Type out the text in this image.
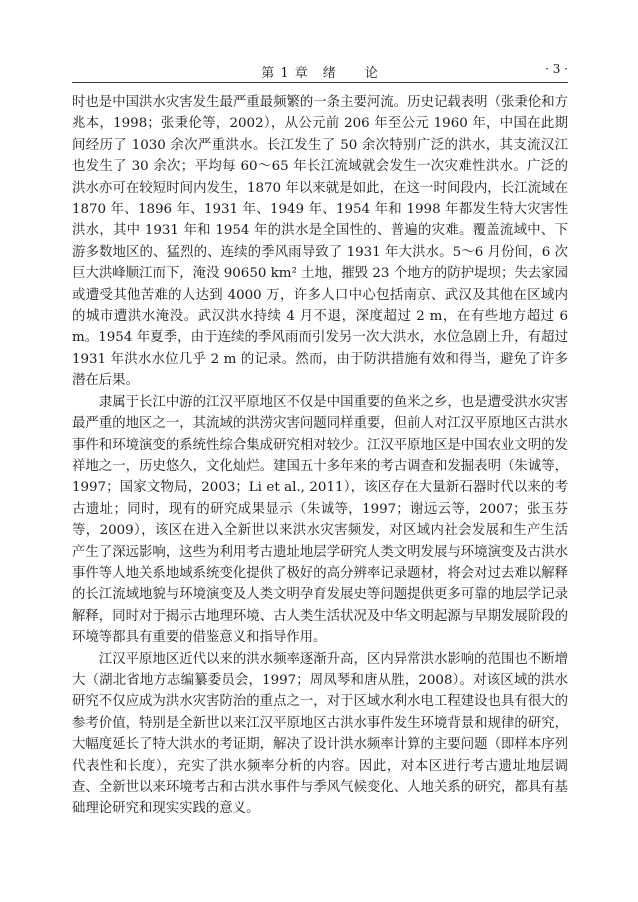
第 1 章　绪　　论	· 3 ·

时也是中国洪水灾害发生最严重最频繁的一条主要河流。历史记载表明（张秉伦和方兆本，1998；张秉伦等，2002），从公元前 206 年至公元 1960 年，中国在此期间经历了 1030 余次严重洪水。长江发生了 50 余次特别广泛的洪水，其支流汉江也发生了 30 余次；平均每 60～65 年长江流域就会发生一次灾难性洪水。广泛的洪水亦可在较短时间内发生，1870 年以来就是如此，在这一时间段内，长江流域在 1870 年、1896 年、1931 年、1949 年、1954 年和 1998 年都发生特大灾害性洪水，其中 1931 年和 1954 年的洪水是全国性的、普遍的灾难。覆盖流域中、下游多数地区的、猛烈的、连续的季风雨导致了 1931 年大洪水。5～6 月份间，6 次巨大洪峰顺江而下，淹没 90650 km² 土地，摧毁 23 个地方的防护堤坝；失去家园或遭受其他苦难的人达到 4000 万，许多人口中心包括南京、武汉及其他在区域内的城市遭洪水淹没。武汉洪水持续 4 月不退，深度超过 2 m，在有些地方超过 6 m。1954 年夏季，由于连续的季风雨而引发另一次大洪水，水位急剧上升，有超过 1931 年洪水水位几乎 2 m 的记录。然而，由于防洪措施有效和得当，避免了许多潜在后果。

隶属于长江中游的江汉平原地区不仅是中国重要的鱼米之乡，也是遭受洪水灾害最严重的地区之一，其流域的洪涝灾害问题同样重要，但前人对江汉平原地区古洪水事件和环境演变的系统性综合集成研究相对较少。江汉平原地区是中国农业文明的发祥地之一，历史悠久，文化灿烂。建国五十多年来的考古调查和发掘表明（朱诚等，1997；国家文物局，2003；Li et al., 2011），该区存在大量新石器时代以来的考古遗址；同时，现有的研究成果显示（朱诚等，1997；谢远云等，2007；张玉芬等，2009），该区在进入全新世以来洪水灾害频发，对区域内社会发展和生产生活产生了深远影响，这些为利用考古遗址地层学研究人类文明发展与环境演变及古洪水事件等人地关系地域系统变化提供了极好的高分辨率记录题材，将会对过去难以解释的长江流域地貌与环境演变及人类文明孕育发展史等问题提供更多可靠的地层学记录解释，同时对于揭示古地理环境、古人类生活状况及中华文明起源与早期发展阶段的环境等都具有重要的借鉴意义和指导作用。

江汉平原地区近代以来的洪水频率逐渐升高，区内异常洪水影响的范围也不断增大（湖北省地方志编纂委员会，1997；周凤琴和唐从胜，2008）。对该区域的洪水研究不仅应成为洪水灾害防治的重点之一，对于区域水利水电工程建设也具有很大的参考价值，特别是全新世以来江汉平原地区古洪水事件发生环境背景和规律的研究，大幅度延长了特大洪水的考证期，解决了设计洪水频率计算的主要问题（即样本序列代表性和长度），充实了洪水频率分析的内容。因此，对本区进行考古遗址地层调查、全新世以来环境考古和古洪水事件与季风气候变化、人地关系的研究，都具有基础理论研究和现实实践的意义。
